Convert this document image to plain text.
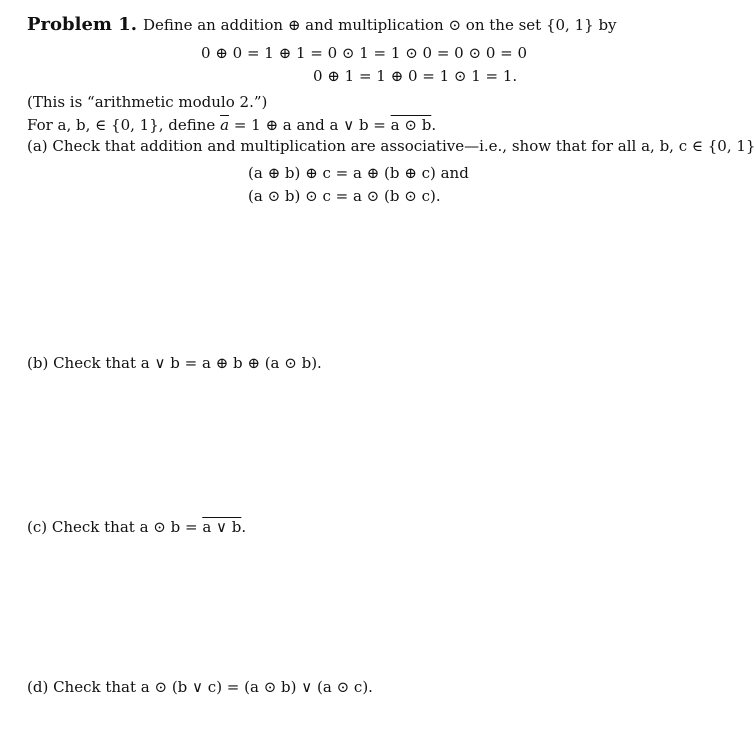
Problem 1. Define an addition ⊕ and multiplication ⊙ on the set {0, 1} by
0 ⊕ 0 = 1 ⊕ 1 = 0 ⊙ 1 = 1 ⊙ 0 = 0 ⊙ 0 = 0
0 ⊕ 1 = 1 ⊕ 0 = 1 ⊙ 1 = 1.
(This is “arithmetic modulo 2.”)
For a, b, ∈ {0, 1}, define $\overline{a} = 1$ ⊕ a and a ∨ b = a ⊙ b.
(a) Check that addition and multiplication are associative—i.e., show that for all a, b, c ∈ {0, 1}
(a ⊕ b) ⊕ c = a ⊕ (b ⊕ c) and
(a ⊙ b) ⊙ c = a ⊙ (b ⊙ c).
(b) Check that a ∨ b = a ⊕ b ⊕ (a ⊙ b).
(c) Check that a ⊙ b = a ∨ b.
(d) Check that a ⊙ (b ∨ c) = (a ⊙ b) ∨ (a ⊙ c).
